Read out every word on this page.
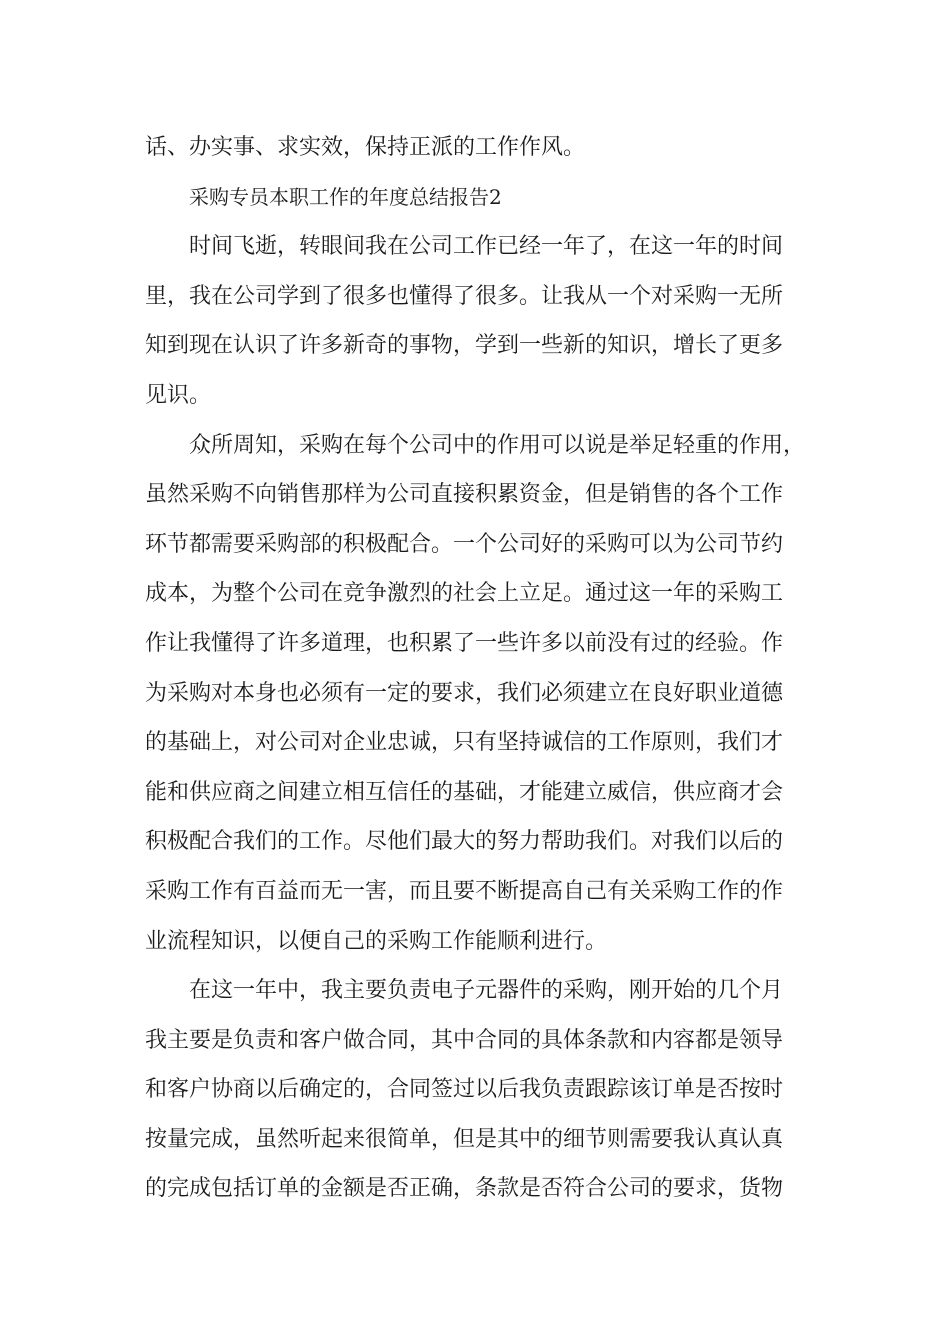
话、办实事、求实效，保持正派的工作作风。
采购专员本职工作的年度总结报告2
时间飞逝，转眼间我在公司工作已经一年了，在这一年的时间
里，我在公司学到了很多也懂得了很多。让我从一个对采购一无所
知到现在认识了许多新奇的事物，学到一些新的知识，增长了更多
见识。
众所周知，采购在每个公司中的作用可以说是举足轻重的作用，
虽然采购不向销售那样为公司直接积累资金，但是销售的各个工作
环节都需要采购部的积极配合。一个公司好的采购可以为公司节约
成本，为整个公司在竞争激烈的社会上立足。通过这一年的采购工
作让我懂得了许多道理，也积累了一些许多以前没有过的经验。作
为采购对本身也必须有一定的要求，我们必须建立在良好职业道德
的基础上，对公司对企业忠诚，只有坚持诚信的工作原则，我们才
能和供应商之间建立相互信任的基础，才能建立威信，供应商才会
积极配合我们的工作。尽他们最大的努力帮助我们。对我们以后的
采购工作有百益而无一害，而且要不断提高自己有关采购工作的作
业流程知识，以便自己的采购工作能顺利进行。
在这一年中，我主要负责电子元器件的采购，刚开始的几个月
我主要是负责和客户做合同，其中合同的具体条款和内容都是领导
和客户协商以后确定的，合同签过以后我负责跟踪该订单是否按时
按量完成，虽然听起来很简单，但是其中的细节则需要我认真认真
的完成包括订单的金额是否正确，条款是否符合公司的要求，货物
